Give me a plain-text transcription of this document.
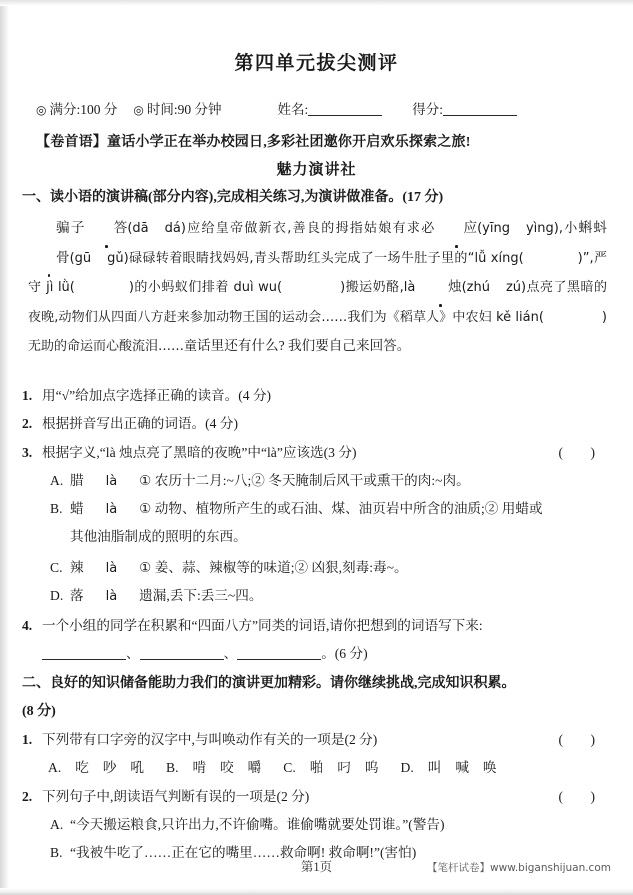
第四单元拔尖测评
◎ 满分:100 分 ◎ 时间:90 分钟	姓名:	得分:
【卷首语】童话小学正在举办校园日,多彩社团邀你开启欢乐探索之旅!
魅力演讲社
一、读小语的演讲稿(部分内容),完成相关练习,为演讲做准备。(17 分)
骗子 答(dā dá)应给皇帝做新衣,善良的拇指姑娘有求必 应(yīng yìng),小蝌蚪骨(gū gǔ)碌碌转着眼睛找妈妈,青头帮助红头完成了一场牛肚子里的“lǚ xíng(	)”,严守 jì lǜ(	)的小蚂蚁们排着 duì wu(	)搬运奶酪,là 烛(zhú zú)点亮了黑暗的夜晚,动物们从四面八方赶来参加动物王国的运动会……我们为《稻草人》中农妇 kě lián(	)无助的命运而心酸流泪……童话里还有什么? 我们要自己来回答。
1. 用“√”给加点字选择正确的读音。(4 分)
2. 根据拼音写出正确的词语。(4 分)
( )
3. 根据字义,“là 烛点亮了黑暗的夜晚”中“là”应该选(3 分)
A. 腊 là ① 农历十二月:~八;② 冬天腌制后风干或熏干的肉:~肉。
B. 蜡 là ① 动物、植物所产生的或石油、煤、油页岩中所含的油质;② 用蜡或
其他油脂制成的照明的东西。
C. 辣 là ① 姜、蒜、辣椒等的味道;② 凶狠,刻毒:毒~。
D. 落 là 遗漏,丢下:丢三~四。
4. 一个小组的同学在积累和“四面八方”同类的词语,请你把想到的词语写下来:
、	、	。(6 分)
二、良好的知识储备能助力我们的演讲更加精彩。请你继续挑战,完成知识积累。
(8 分)
( )
1. 下列带有口字旁的汉字中,与叫唤动作有关的一项是(2 分)
A. 吃 吵 吼 B. 啃 咬 嚼 C. 啪 叼 呜 D. 叫 喊 唤
( )
2. 下列句子中,朗读语气判断有误的一项是(2 分)
A. “今天搬运粮食,只许出力,不许偷嘴。谁偷嘴就要处罚谁。”(警告)
B. “我被牛吃了……正在它的嘴里……救命啊! 救命啊!”(害怕)
第1页	【笔杆试卷】www.biganshijuan.com
